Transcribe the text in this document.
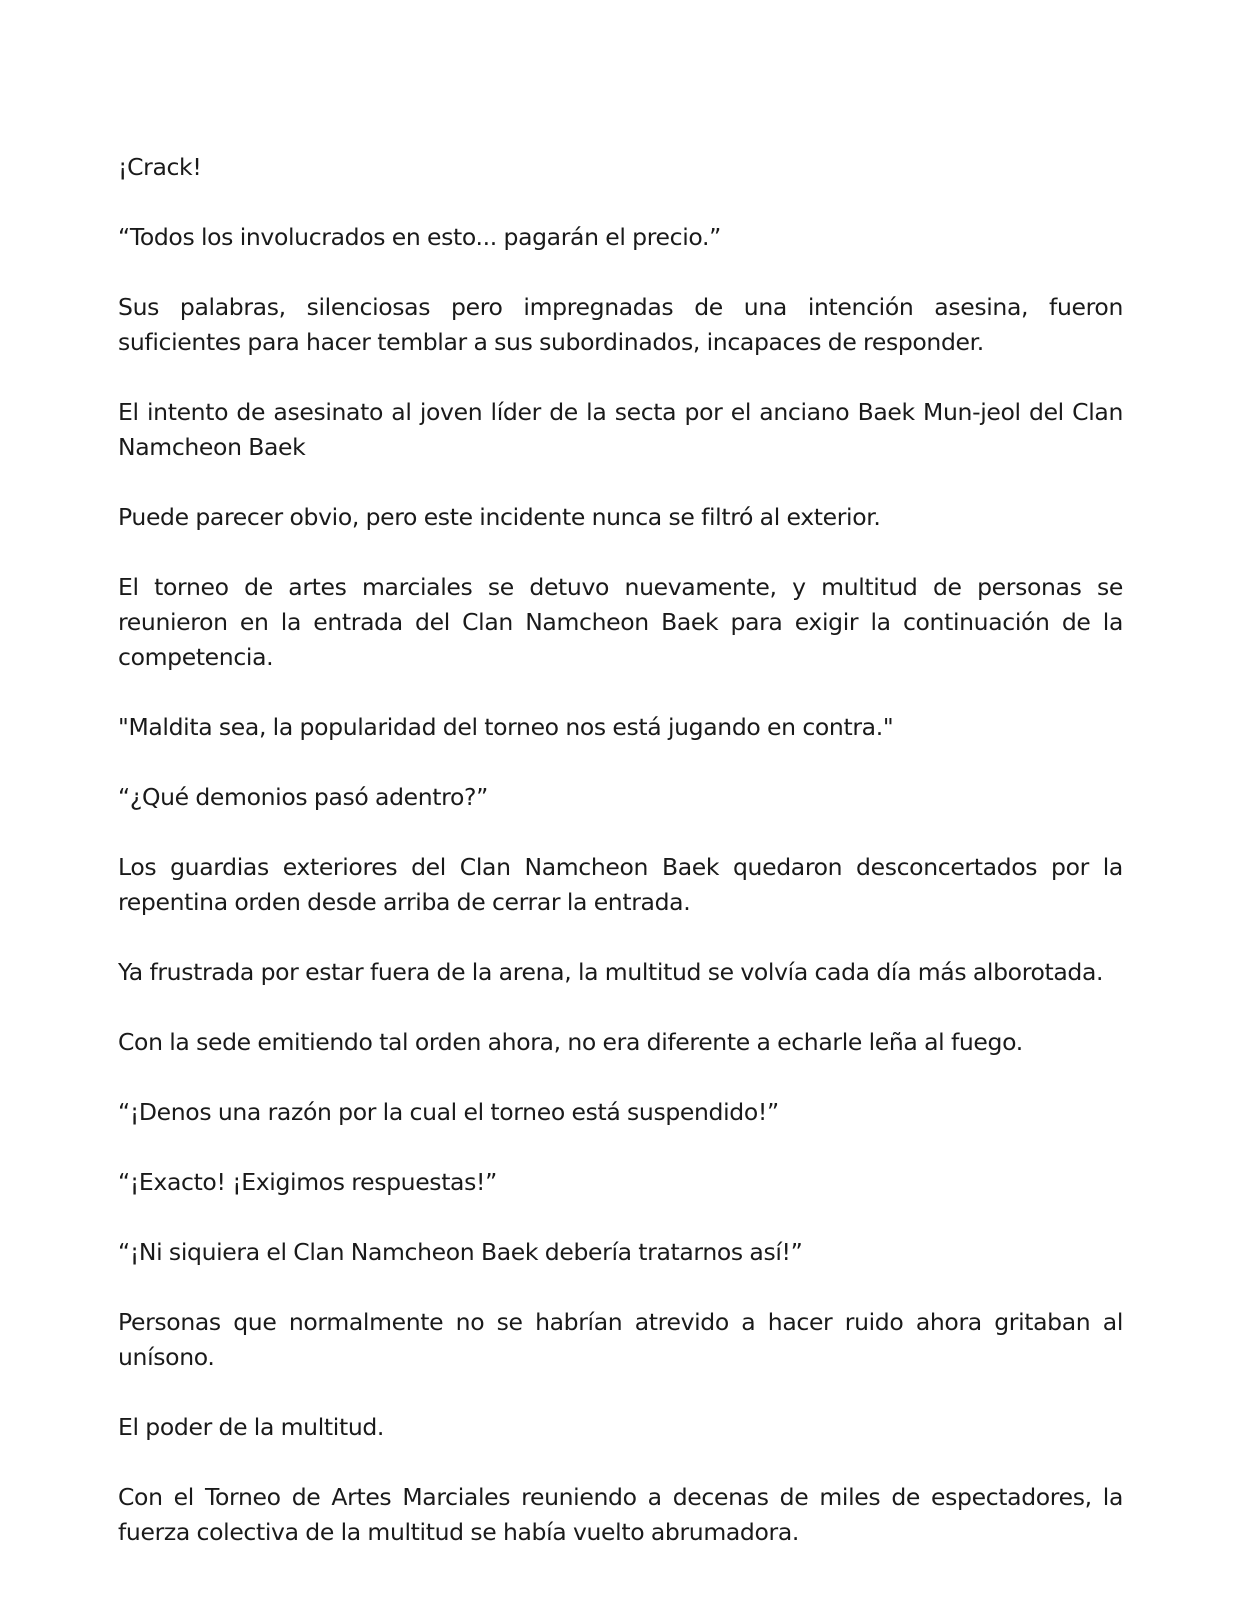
¡Crack!

“Todos los involucrados en esto... pagarán el precio.”

Sus palabras, silenciosas pero impregnadas de una intención asesina, fueron suficientes para hacer temblar a sus subordinados, incapaces de responder.

El intento de asesinato al joven líder de la secta por el anciano Baek Mun-jeol del Clan Namcheon Baek

Puede parecer obvio, pero este incidente nunca se filtró al exterior.

El torneo de artes marciales se detuvo nuevamente, y multitud de personas se reunieron en la entrada del Clan Namcheon Baek para exigir la continuación de la competencia.

"Maldita sea, la popularidad del torneo nos está jugando en contra."

“¿Qué demonios pasó adentro?”

Los guardias exteriores del Clan Namcheon Baek quedaron desconcertados por la repentina orden desde arriba de cerrar la entrada.

Ya frustrada por estar fuera de la arena, la multitud se volvía cada día más alborotada.

Con la sede emitiendo tal orden ahora, no era diferente a echarle leña al fuego.

“¡Denos una razón por la cual el torneo está suspendido!”

“¡Exacto! ¡Exigimos respuestas!”

“¡Ni siquiera el Clan Namcheon Baek debería tratarnos así!”

Personas que normalmente no se habrían atrevido a hacer ruido ahora gritaban al unísono.

El poder de la multitud.

Con el Torneo de Artes Marciales reuniendo a decenas de miles de espectadores, la fuerza colectiva de la multitud se había vuelto abrumadora.
